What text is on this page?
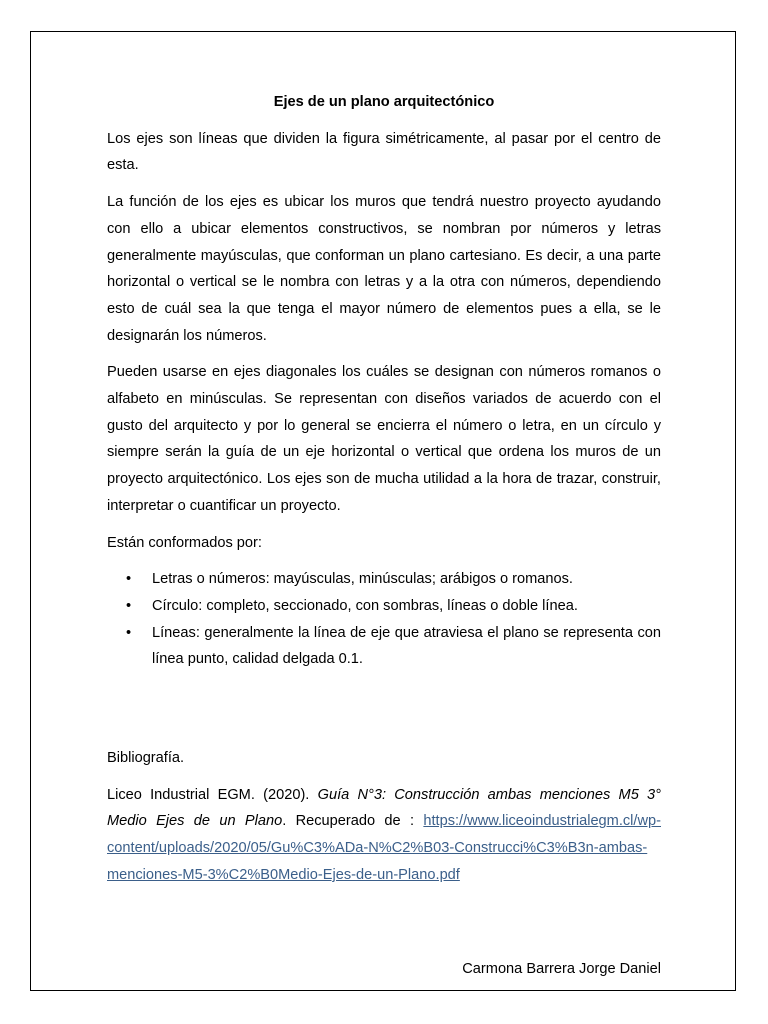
Ejes de un plano arquitectónico

Los ejes son líneas que dividen la figura simétricamente, al pasar por el centro de esta.

La función de los ejes es ubicar los muros que tendrá nuestro proyecto ayudando con ello a ubicar elementos constructivos, se nombran por números y letras generalmente mayúsculas, que conforman un plano cartesiano. Es decir, a una parte horizontal o vertical se le nombra con letras y a la otra con números, dependiendo esto de cuál sea la que tenga el mayor número de elementos pues a ella, se le designarán los números.

Pueden usarse en ejes diagonales los cuáles se designan con números romanos o alfabeto en minúsculas. Se representan con diseños variados de acuerdo con el gusto del arquitecto y por lo general se encierra el número o letra, en un círculo y siempre serán la guía de un eje horizontal o vertical que ordena los muros de un proyecto arquitectónico. Los ejes son de mucha utilidad a la hora de trazar, construir, interpretar o cuantificar un proyecto.

Están conformados por:

• Letras o números: mayúsculas, minúsculas; arábigos o romanos.
• Círculo: completo, seccionado, con sombras, líneas o doble línea.
• Líneas: generalmente la línea de eje que atraviesa el plano se representa con línea punto, calidad delgada 0.1.
Bibliografía.

Liceo Industrial EGM. (2020). Guía N°3: Construcción ambas menciones M5 3° Medio Ejes de un Plano. Recuperado de : https://www.liceoindustrialegm.cl/wp-content/uploads/2020/05/Gu%C3%ADa-N%C2%B03-Construcci%C3%B3n-ambas-menciones-M5-3%C2%B0Medio-Ejes-de-un-Plano.pdf

Carmona Barrera Jorge Daniel
